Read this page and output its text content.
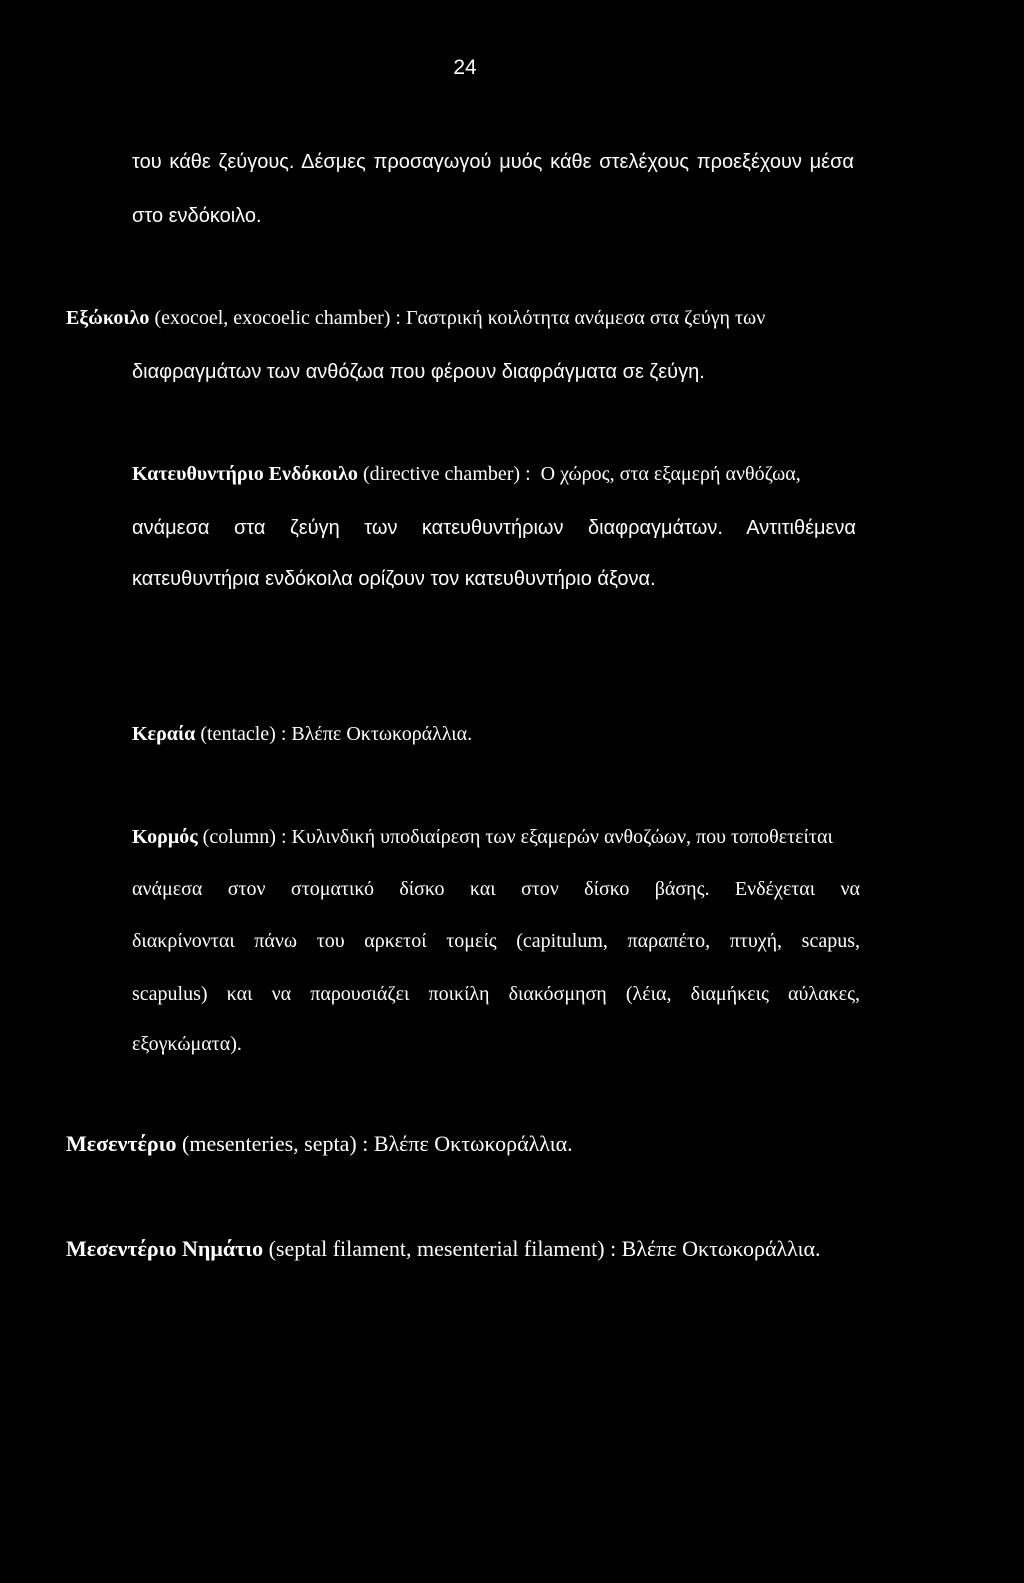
24
του κάθε ζεύγους. Δέσμες προσαγωγού μυός κάθε στελέχους προεξέχουν μέσα
στο ενδόκοιλο.
Εξώκοιλο (exocoel, exocoelic chamber) : Γαστρική κοιλότητα ανάμεσα στα ζεύγη των
διαφραγμάτων των ανθόζωα που φέρουν διαφράγματα σε ζεύγη.
Κατευθυντήριο Ενδόκοιλο (directive chamber) :  Ο χώρος, στα εξαμερή ανθόζωα,
ανάμεσα στα ζεύγη των κατευθυντήριων διαφραγμάτων. Αντιτιθέμενα
κατευθυντήρια ενδόκοιλα ορίζουν τον κατευθυντήριο άξονα.
Κεραία (tentacle) : Βλέπε Οκτωκοράλλια.
Κορμός (column) : Κυλινδική υποδιαίρεση των εξαμερών ανθοζώων, που τοποθετείται
ανάμεσα στον στοματικό δίσκο και στον δίσκο βάσης. Ενδέχεται να
διακρίνονται πάνω του αρκετοί τομείς (capitulum, παραπέτο, πτυχή, scapus,
scapulus) και να παρουσιάζει ποικίλη διακόσμηση (λέια, διαμήκεις αύλακες,
εξογκώματα).
Μεσεντέριο (mesenteries, septa) : Βλέπε Οκτωκοράλλια.
Μεσεντέριο Νημάτιο (septal filament, mesenterial filament) : Βλέπε Οκτωκοράλλια.
